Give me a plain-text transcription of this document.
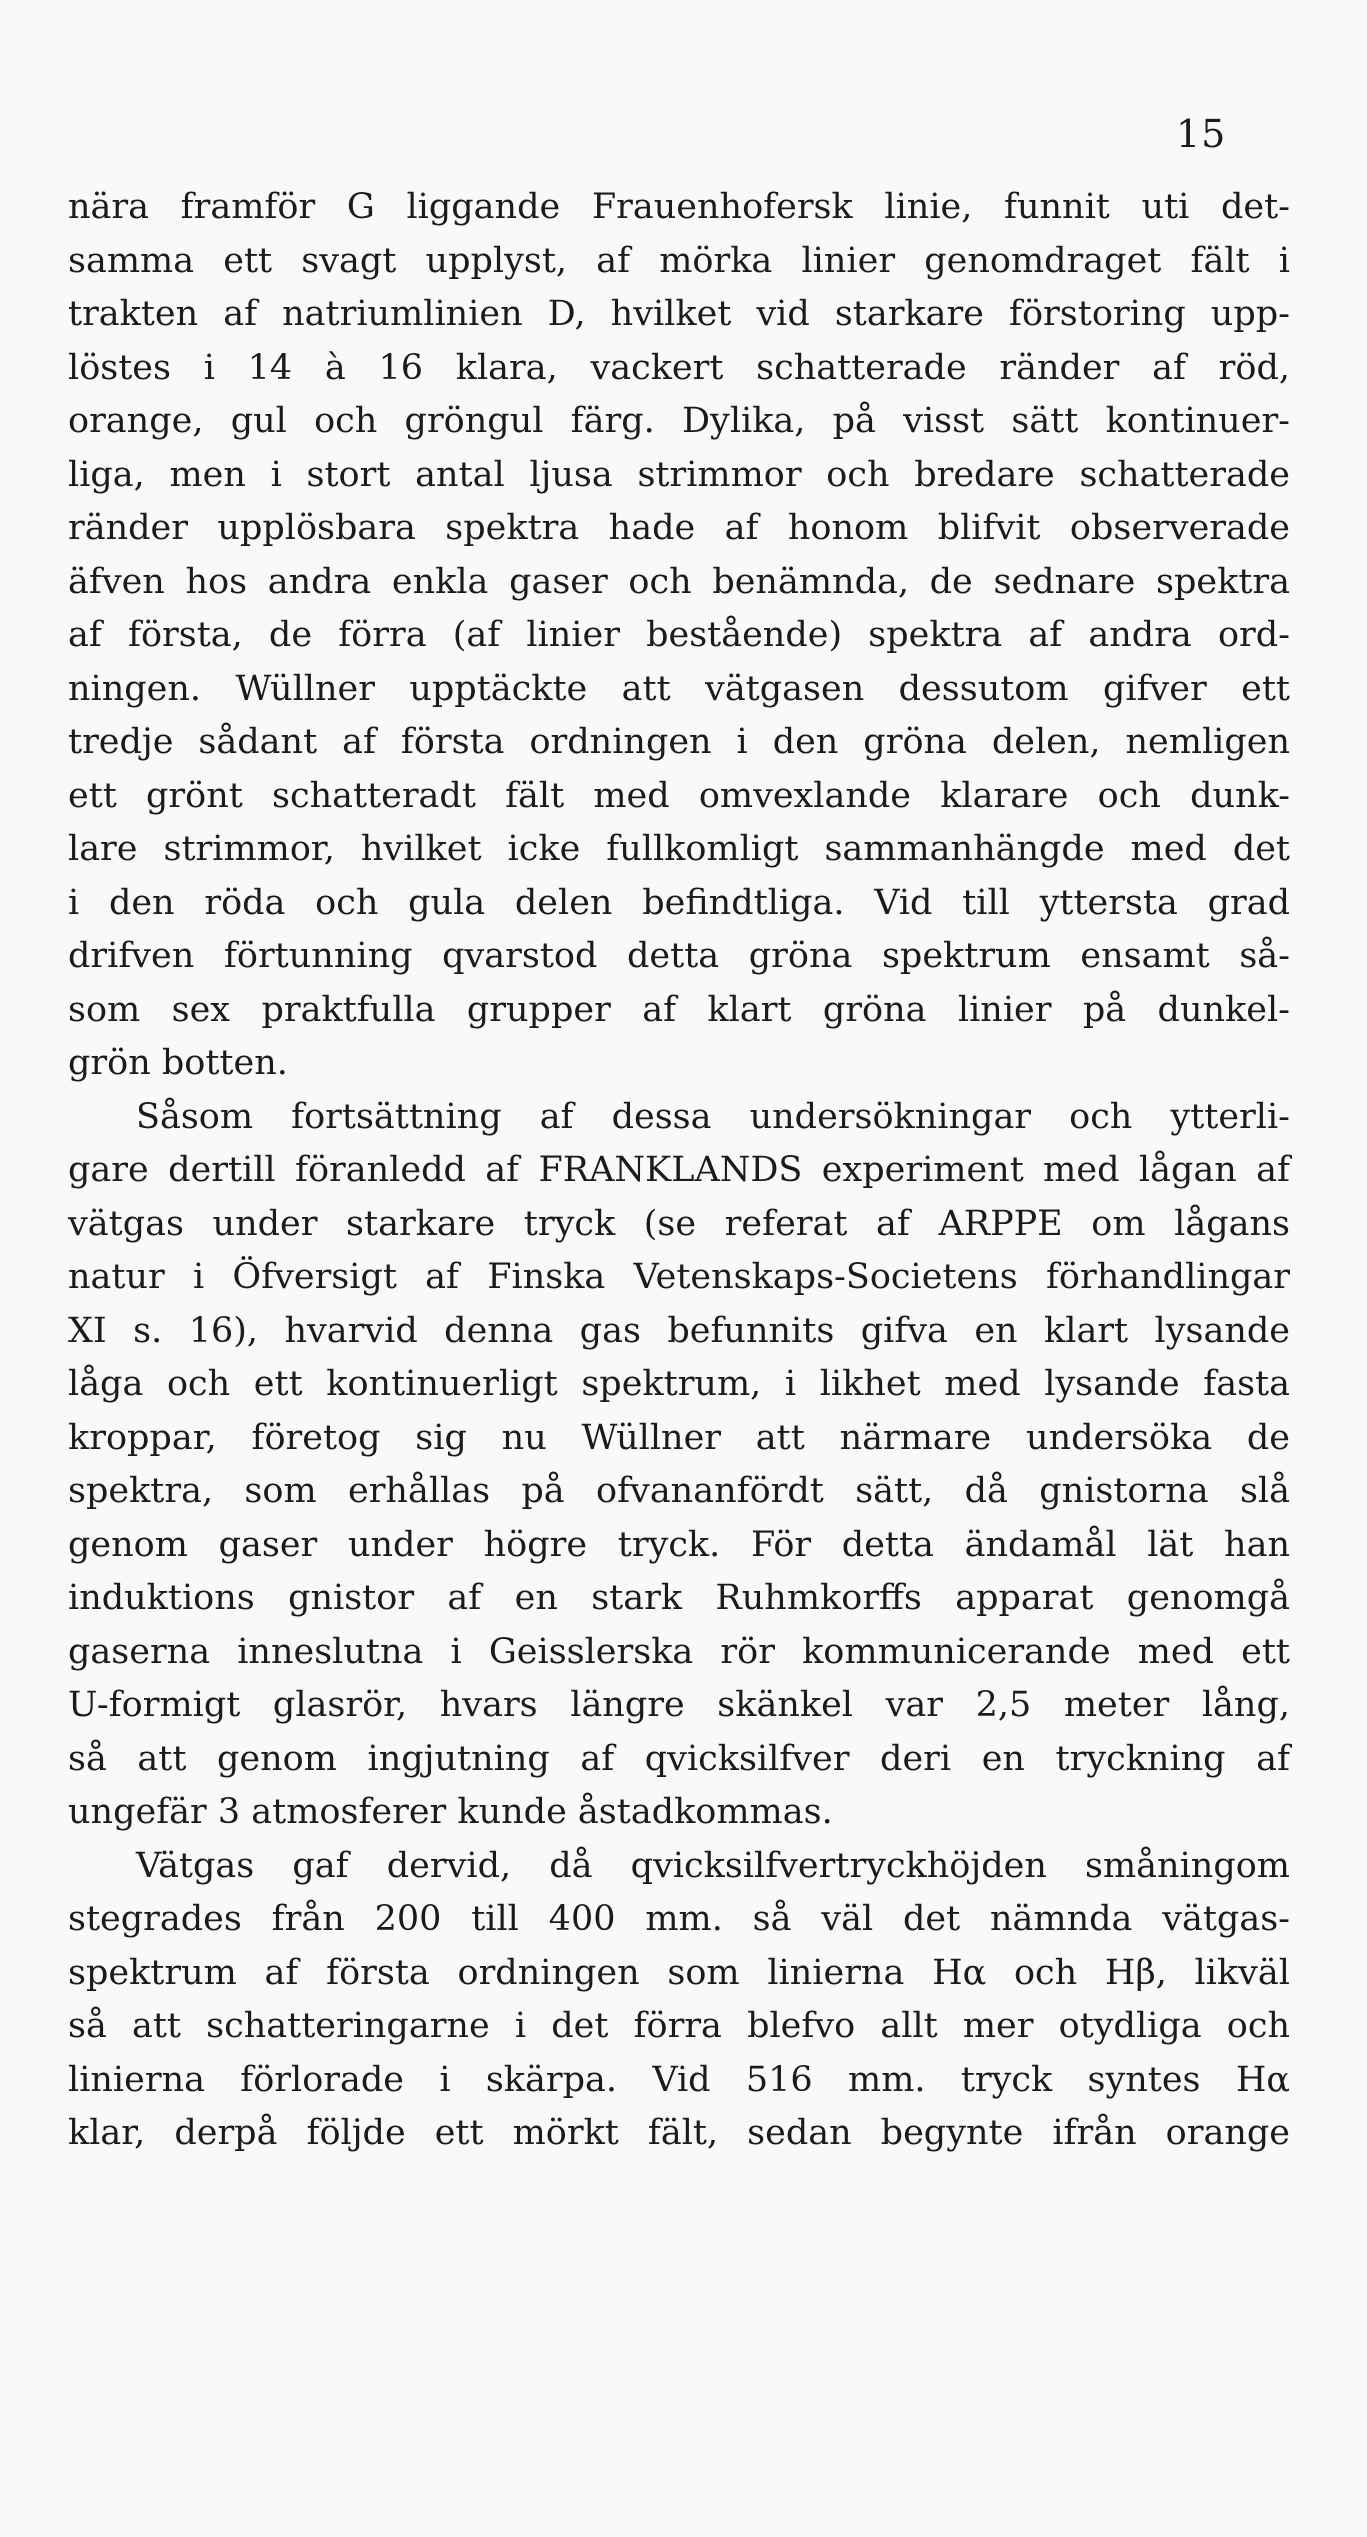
15
nära framför G liggande Frauenhofersk linie, funnit uti det-
samma ett svagt upplyst, af mörka linier genomdraget fält i
trakten af natriumlinien D, hvilket vid starkare förstoring upp-
löstes i 14 à 16 klara, vackert schatterade ränder af röd,
orange, gul och gröngul färg. Dylika, på visst sätt kontinuer-
liga, men i stort antal ljusa strimmor och bredare schatterade
ränder upplösbara spektra hade af honom blifvit observerade
äfven hos andra enkla gaser och benämnda, de sednare spektra
af första, de förra (af linier bestående) spektra af andra ord-
ningen. Wüllner upptäckte att vätgasen dessutom gifver ett
tredje sådant af första ordningen i den gröna delen, nemligen
ett grönt schatteradt fält med omvexlande klarare och dunk-
lare strimmor, hvilket icke fullkomligt sammanhängde med det
i den röda och gula delen befindtliga. Vid till yttersta grad
drifven förtunning qvarstod detta gröna spektrum ensamt så-
som sex praktfulla grupper af klart gröna linier på dunkel-
grön botten.
Såsom fortsättning af dessa undersökningar och ytterli-
gare dertill föranledd af FRANKLANDS experiment med lågan af
vätgas under starkare tryck (se referat af ARPPE om lågans
natur i Öfversigt af Finska Vetenskaps-Societens förhandlingar
XI s. 16), hvarvid denna gas befunnits gifva en klart lysande
låga och ett kontinuerligt spektrum, i likhet med lysande fasta
kroppar, företog sig nu Wüllner att närmare undersöka de
spektra, som erhållas på ofvananfördt sätt, då gnistorna slå
genom gaser under högre tryck. För detta ändamål lät han
induktions gnistor af en stark Ruhmkorffs apparat genomgå
gaserna inneslutna i Geisslerska rör kommunicerande med ett
U-formigt glasrör, hvars längre skänkel var 2,5 meter lång,
så att genom ingjutning af qvicksilfver deri en tryckning af
ungefär 3 atmosferer kunde åstadkommas.
Vätgas gaf dervid, då qvicksilfvertryckhöjden småningom
stegrades från 200 till 400 mm. så väl det nämnda vätgas-
spektrum af första ordningen som linierna Hα och Hβ, likväl
så att schatteringarne i det förra blefvo allt mer otydliga och
linierna förlorade i skärpa. Vid 516 mm. tryck syntes Hα
klar, derpå följde ett mörkt fält, sedan begynte ifrån orange
